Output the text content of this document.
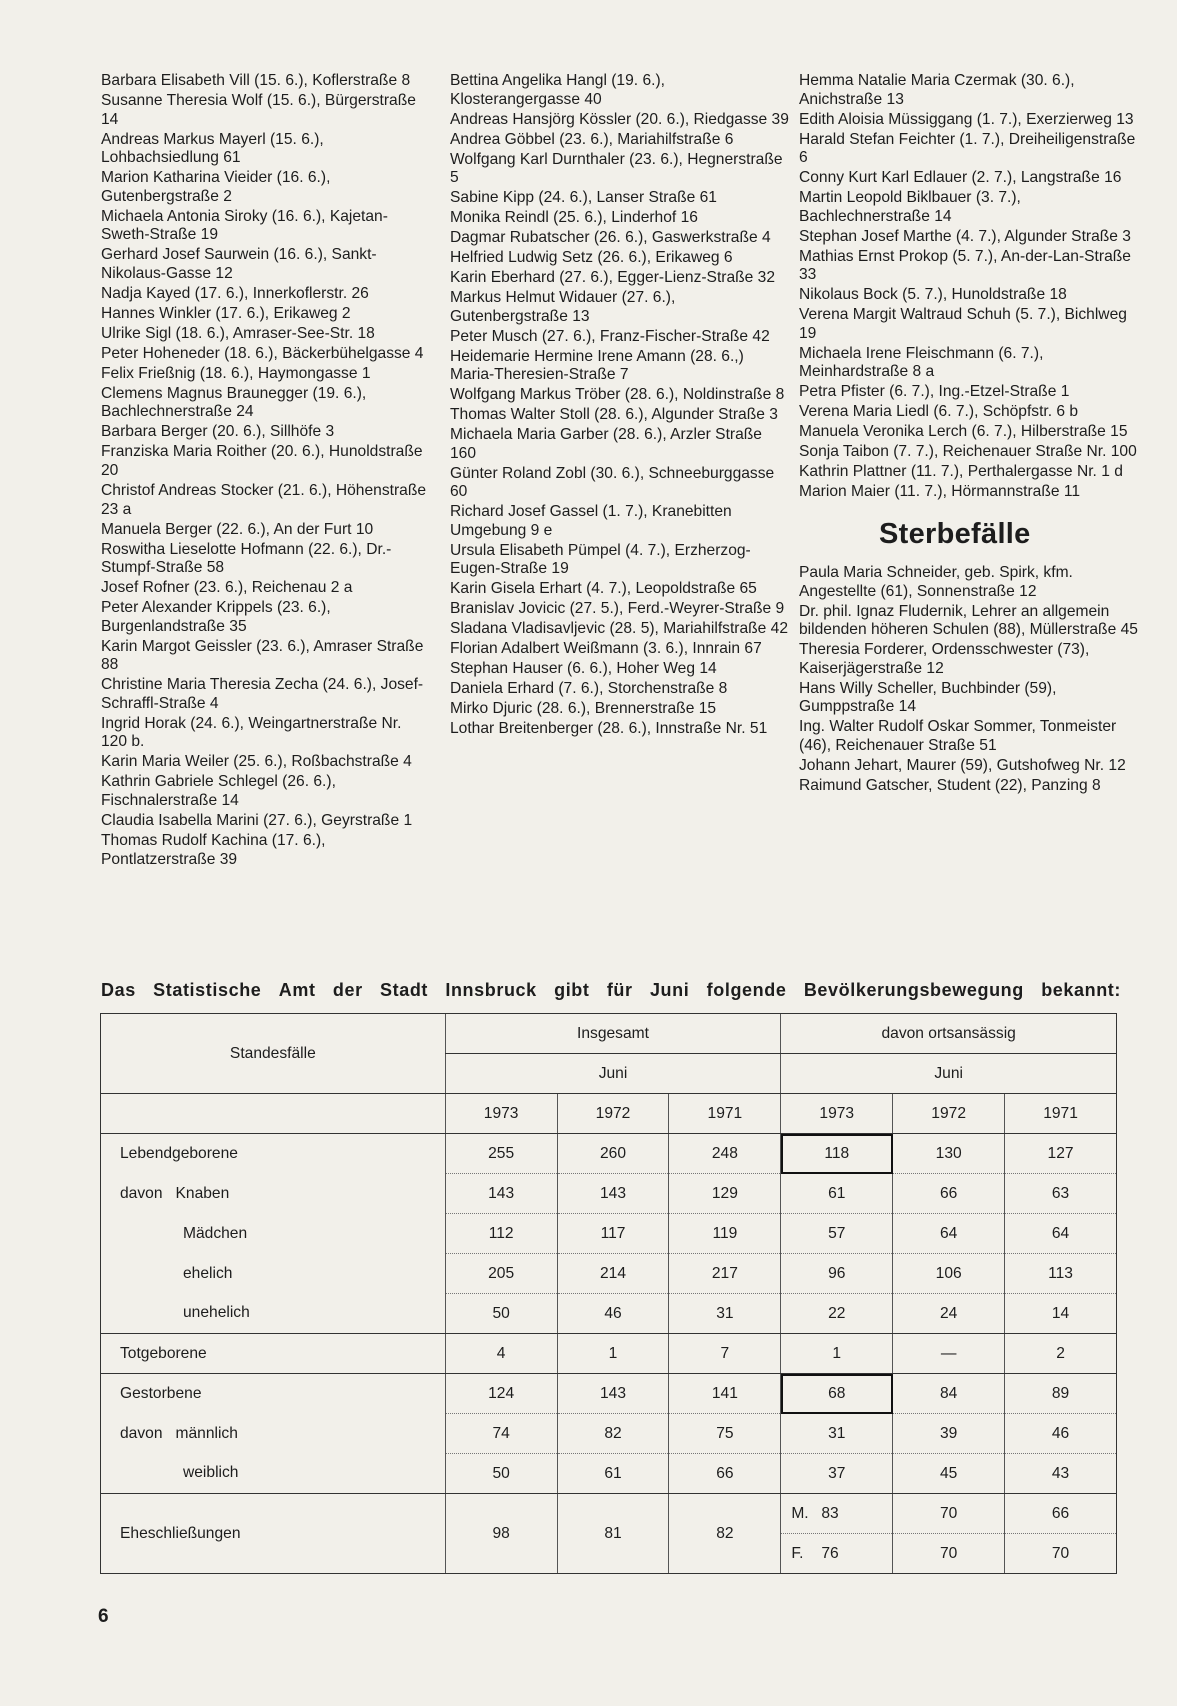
Barbara Elisabeth Vill (15. 6.), Koflerstraße 8
Susanne Theresia Wolf (15. 6.), Bürgerstraße 14
Andreas Markus Mayerl (15. 6.), Lohbachsiedlung 61
Marion Katharina Vieider (16. 6.), Gutenbergstraße 2
Michaela Antonia Siroky (16. 6.), Kajetan-Sweth-Straße 19
Gerhard Josef Saurwein (16. 6.), Sankt-Nikolaus-Gasse 12
Nadja Kayed (17. 6.), Innerkoflerstr. 26
Hannes Winkler (17. 6.), Erikaweg 2
Ulrike Sigl (18. 6.), Amraser-See-Str. 18
Peter Hoheneder (18. 6.), Bäckerbühelgasse 4
Felix Frießnig (18. 6.), Haymongasse 1
Clemens Magnus Braunegger (19. 6.), Bachlechnerstraße 24
Barbara Berger (20. 6.), Sillhöfe 3
Franziska Maria Roither (20. 6.), Hunoldstraße 20
Christof Andreas Stocker (21. 6.), Höhenstraße 23 a
Manuela Berger (22. 6.), An der Furt 10
Roswitha Lieselotte Hofmann (22. 6.), Dr.-Stumpf-Straße 58
Josef Rofner (23. 6.), Reichenau 2 a
Peter Alexander Krippels (23. 6.), Burgenlandstraße 35
Karin Margot Geissler (23. 6.), Amraser Straße 88
Christine Maria Theresia Zecha (24. 6.), Josef-Schraffl-Straße 4
Ingrid Horak (24. 6.), Weingartnerstraße Nr. 120 b.
Karin Maria Weiler (25. 6.), Roßbachstraße 4
Kathrin Gabriele Schlegel (26. 6.), Fischnalerstraße 14
Claudia Isabella Marini (27. 6.), Geyrstraße 1
Thomas Rudolf Kachina (17. 6.), Pontlatzerstraße 39
Bettina Angelika Hangl (19. 6.), Klosterangergasse 40
Andreas Hansjörg Kössler (20. 6.), Riedgasse 39
Andrea Göbbel (23. 6.), Mariahilfstraße 6
Wolfgang Karl Durnthaler (23. 6.), Hegnerstraße 5
Sabine Kipp (24. 6.), Lanser Straße 61
Monika Reindl (25. 6.), Linderhof 16
Dagmar Rubatscher (26. 6.), Gaswerkstraße 4
Helfried Ludwig Setz (26. 6.), Erikaweg 6
Karin Eberhard (27. 6.), Egger-Lienz-Straße 32
Markus Helmut Widauer (27. 6.), Gutenbergstraße 13
Peter Musch (27. 6.), Franz-Fischer-Straße 42
Heidemarie Hermine Irene Amann (28. 6.,) Maria-Theresien-Straße 7
Wolfgang Markus Tröber (28. 6.), Noldinstraße 8
Thomas Walter Stoll (28. 6.), Algunder Straße 3
Michaela Maria Garber (28. 6.), Arzler Straße 160
Günter Roland Zobl (30. 6.), Schneeburggasse 60
Richard Josef Gassel (1. 7.), Kranebitten Umgebung 9 e
Ursula Elisabeth Pümpel (4. 7.), Erzherzog-Eugen-Straße 19
Karin Gisela Erhart (4. 7.), Leopoldstraße 65
Branislav Jovicic (27. 5.), Ferd.-Weyrer-Straße 9
Sladana Vladisavljevic (28. 5), Mariahilfstraße 42
Florian Adalbert Weißmann (3. 6.), Innrain 67
Stephan Hauser (6. 6.), Hoher Weg 14
Daniela Erhard (7. 6.), Storchenstraße 8
Mirko Djuric (28. 6.), Brennerstraße 15
Lothar Breitenberger (28. 6.), Innstraße Nr. 51
Hemma Natalie Maria Czermak (30. 6.), Anichstraße 13
Edith Aloisia Müssiggang (1. 7.), Exerzierweg 13
Harald Stefan Feichter (1. 7.), Dreiheiligenstraße 6
Conny Kurt Karl Edlauer (2. 7.), Langstraße 16
Martin Leopold Biklbauer (3. 7.), Bachlechnerstraße 14
Stephan Josef Marthe (4. 7.), Algunder Straße 3
Mathias Ernst Prokop (5. 7.), An-der-Lan-Straße 33
Nikolaus Bock (5. 7.), Hunoldstraße 18
Verena Margit Waltraud Schuh (5. 7.), Bichlweg 19
Michaela Irene Fleischmann (6. 7.), Meinhardstraße 8 a
Petra Pfister (6. 7.), Ing.-Etzel-Straße 1
Verena Maria Liedl (6. 7.), Schöpfstr. 6 b
Manuela Veronika Lerch (6. 7.), Hilberstraße 15
Sonja Taibon (7. 7.), Reichenauer Straße Nr. 100
Kathrin Plattner (11. 7.), Perthalergasse Nr. 1 d
Marion Maier (11. 7.), Hörmannstraße 11
Sterbefälle
Paula Maria Schneider, geb. Spirk, kfm. Angestellte (61), Sonnenstraße 12
Dr. phil. Ignaz Fludernik, Lehrer an allgemein bildenden höheren Schulen (88), Müllerstraße 45
Theresia Forderer, Ordensschwester (73), Kaiserjägerstraße 12
Hans Willy Scheller, Buchbinder (59), Gumppstraße 14
Ing. Walter Rudolf Oskar Sommer, Tonmeister (46), Reichenauer Straße 51
Johann Jehart, Maurer (59), Gutshofweg Nr. 12
Raimund Gatscher, Student (22), Panzing 8
Das Statistische Amt der Stadt Innsbruck gibt für Juni folgende Bevölkerungsbewegung bekannt:
Standesfälle	Insgesamt			davon ortsansässig		
	Juni			Juni		
	1973	1972	1971	1973	1972	1971
Lebendgeborene	255	260	248	118	130	127
davon Knaben	143	143	129	61	66	63
Mädchen	112	117	119	57	64	64
ehelich	205	214	217	96	106	113
unehelich	50	46	31	22	24	14
Totgeborene	4	1	7	1	—	2
Gestorbene	124	143	141	68	84	89
davon männlich	74	82	75	31	39	46
weiblich	50	61	66	37	45	43
Eheschließungen	98	81	82	M. 83	70	66

				F. 76	70	70
6
